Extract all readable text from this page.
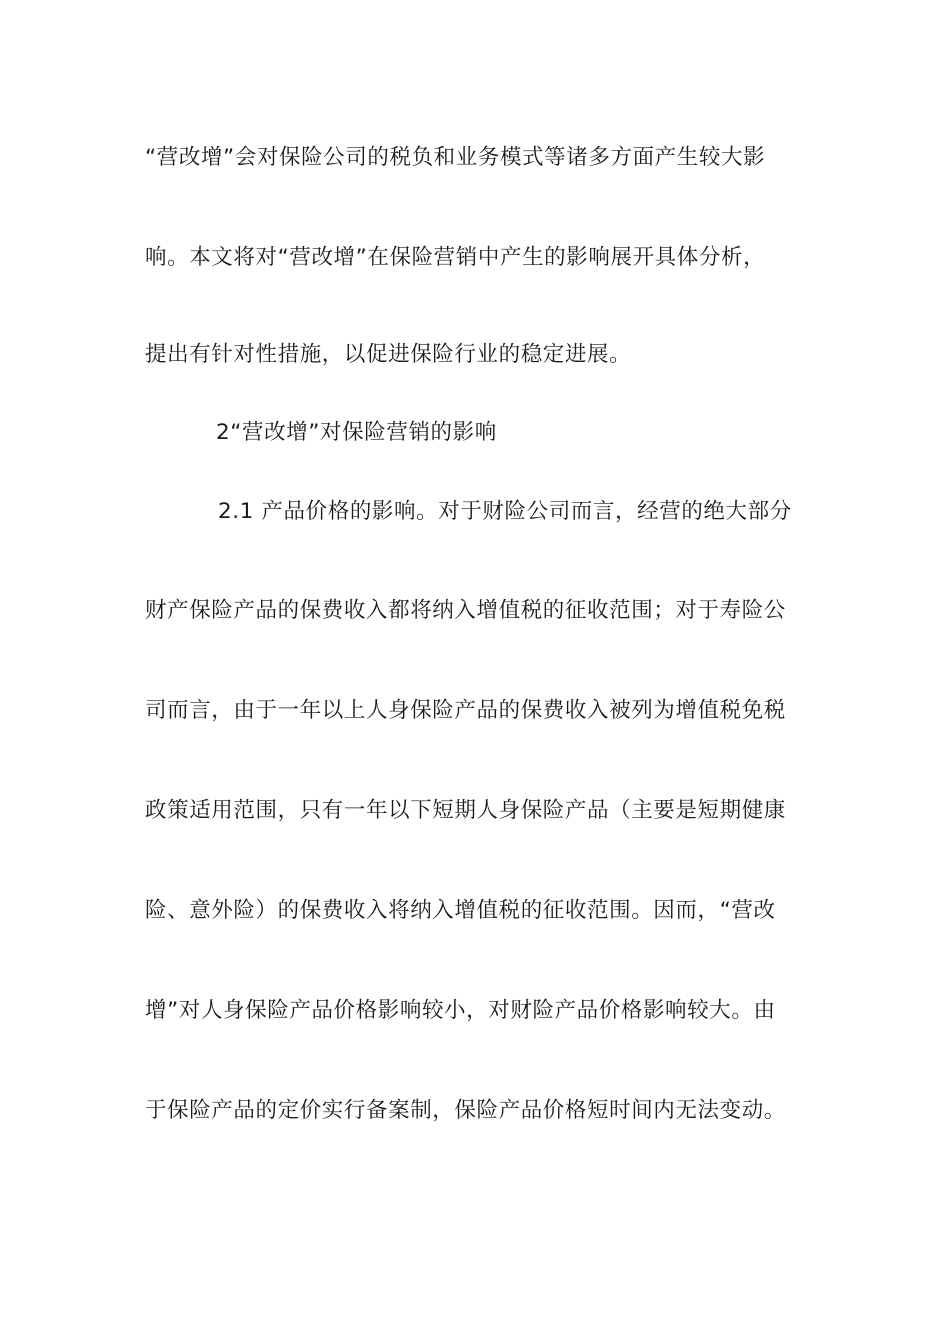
“营改增”会对保险公司的税负和业务模式等诸多方面产生较大影
响。本文将对“营改增”在保险营销中产生的影响展开具体分析，
提出有针对性措施，以促进保险行业的稳定进展。
2“营改增”对保险营销的影响
2.1 产品价格的影响。对于财险公司而言，经营的绝大部分
财产保险产品的保费收入都将纳入增值税的征收范围；对于寿险公
司而言，由于一年以上人身保险产品的保费收入被列为增值税免税
政策适用范围，只有一年以下短期人身保险产品（主要是短期健康
险、意外险）的保费收入将纳入增值税的征收范围。因而，“营改
增”对人身保险产品价格影响较小，对财险产品价格影响较大。由
于保险产品的定价实行备案制，保险产品价格短时间内无法变动。
